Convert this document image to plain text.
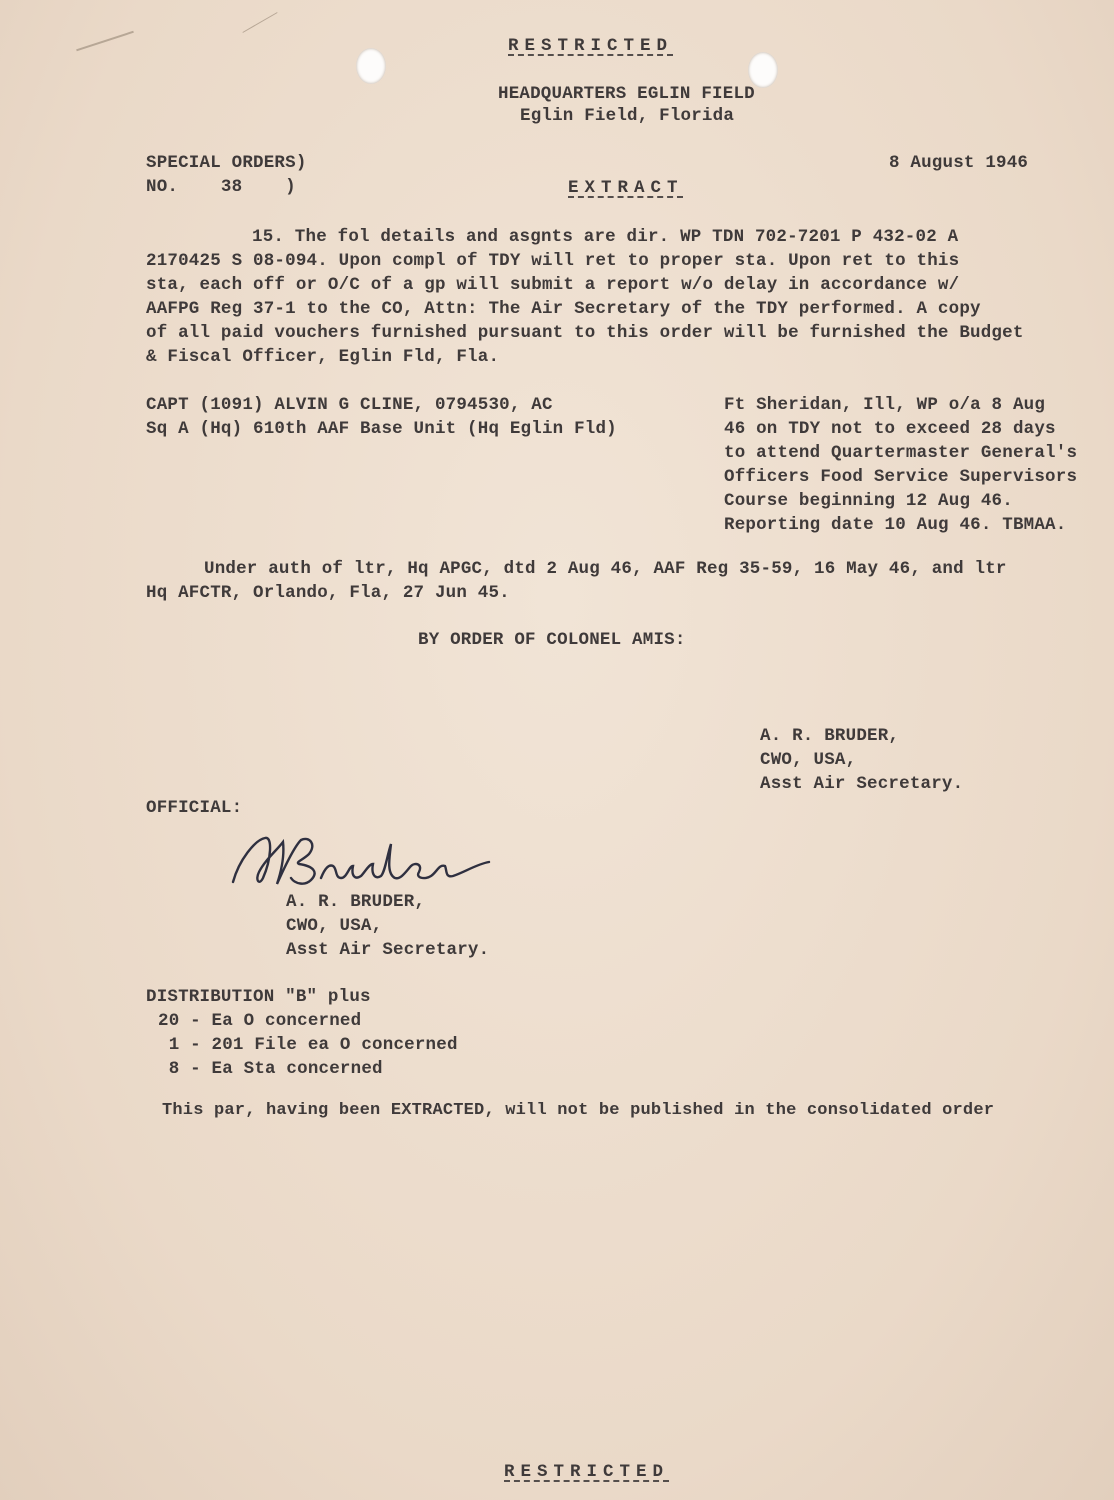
RESTRICTED
HEADQUARTERS EGLIN FIELD
Eglin Field, Florida
SPECIAL ORDERS)
NO.    38    )
8 August 1946
EXTRACT
15. The fol details and asgnts are dir. WP TDN 702-7201 P 432-02 A
2170425 S 08-094. Upon compl of TDY will ret to proper sta. Upon ret to this
sta, each off or O/C of a gp will submit a report w/o delay in accordance w/
AAFPG Reg 37-1 to the CO, Attn: The Air Secretary of the TDY performed. A copy
of all paid vouchers furnished pursuant to this order will be furnished the Budget
& Fiscal Officer, Eglin Fld, Fla.
CAPT (1091) ALVIN G CLINE, 0794530, AC
Sq A (Hq) 610th AAF Base Unit (Hq Eglin Fld)
Ft Sheridan, Ill, WP o/a 8 Aug
46 on TDY not to exceed 28 days
to attend Quartermaster General's
Officers Food Service Supervisors
Course beginning 12 Aug 46.
Reporting date 10 Aug 46. TBMAA.
Under auth of ltr, Hq APGC, dtd 2 Aug 46, AAF Reg 35-59, 16 May 46, and ltr
Hq AFCTR, Orlando, Fla, 27 Jun 45.
BY ORDER OF COLONEL AMIS:
A. R. BRUDER,
CWO, USA,
Asst Air Secretary.
OFFICIAL:
A. R. BRUDER,
CWO, USA,
Asst Air Secretary.
DISTRIBUTION "B" plus
20 - Ea O concerned
1 - 201 File ea O concerned
8 - Ea Sta concerned
This par, having been EXTRACTED, will not be published in the consolidated order
RESTRICTED
